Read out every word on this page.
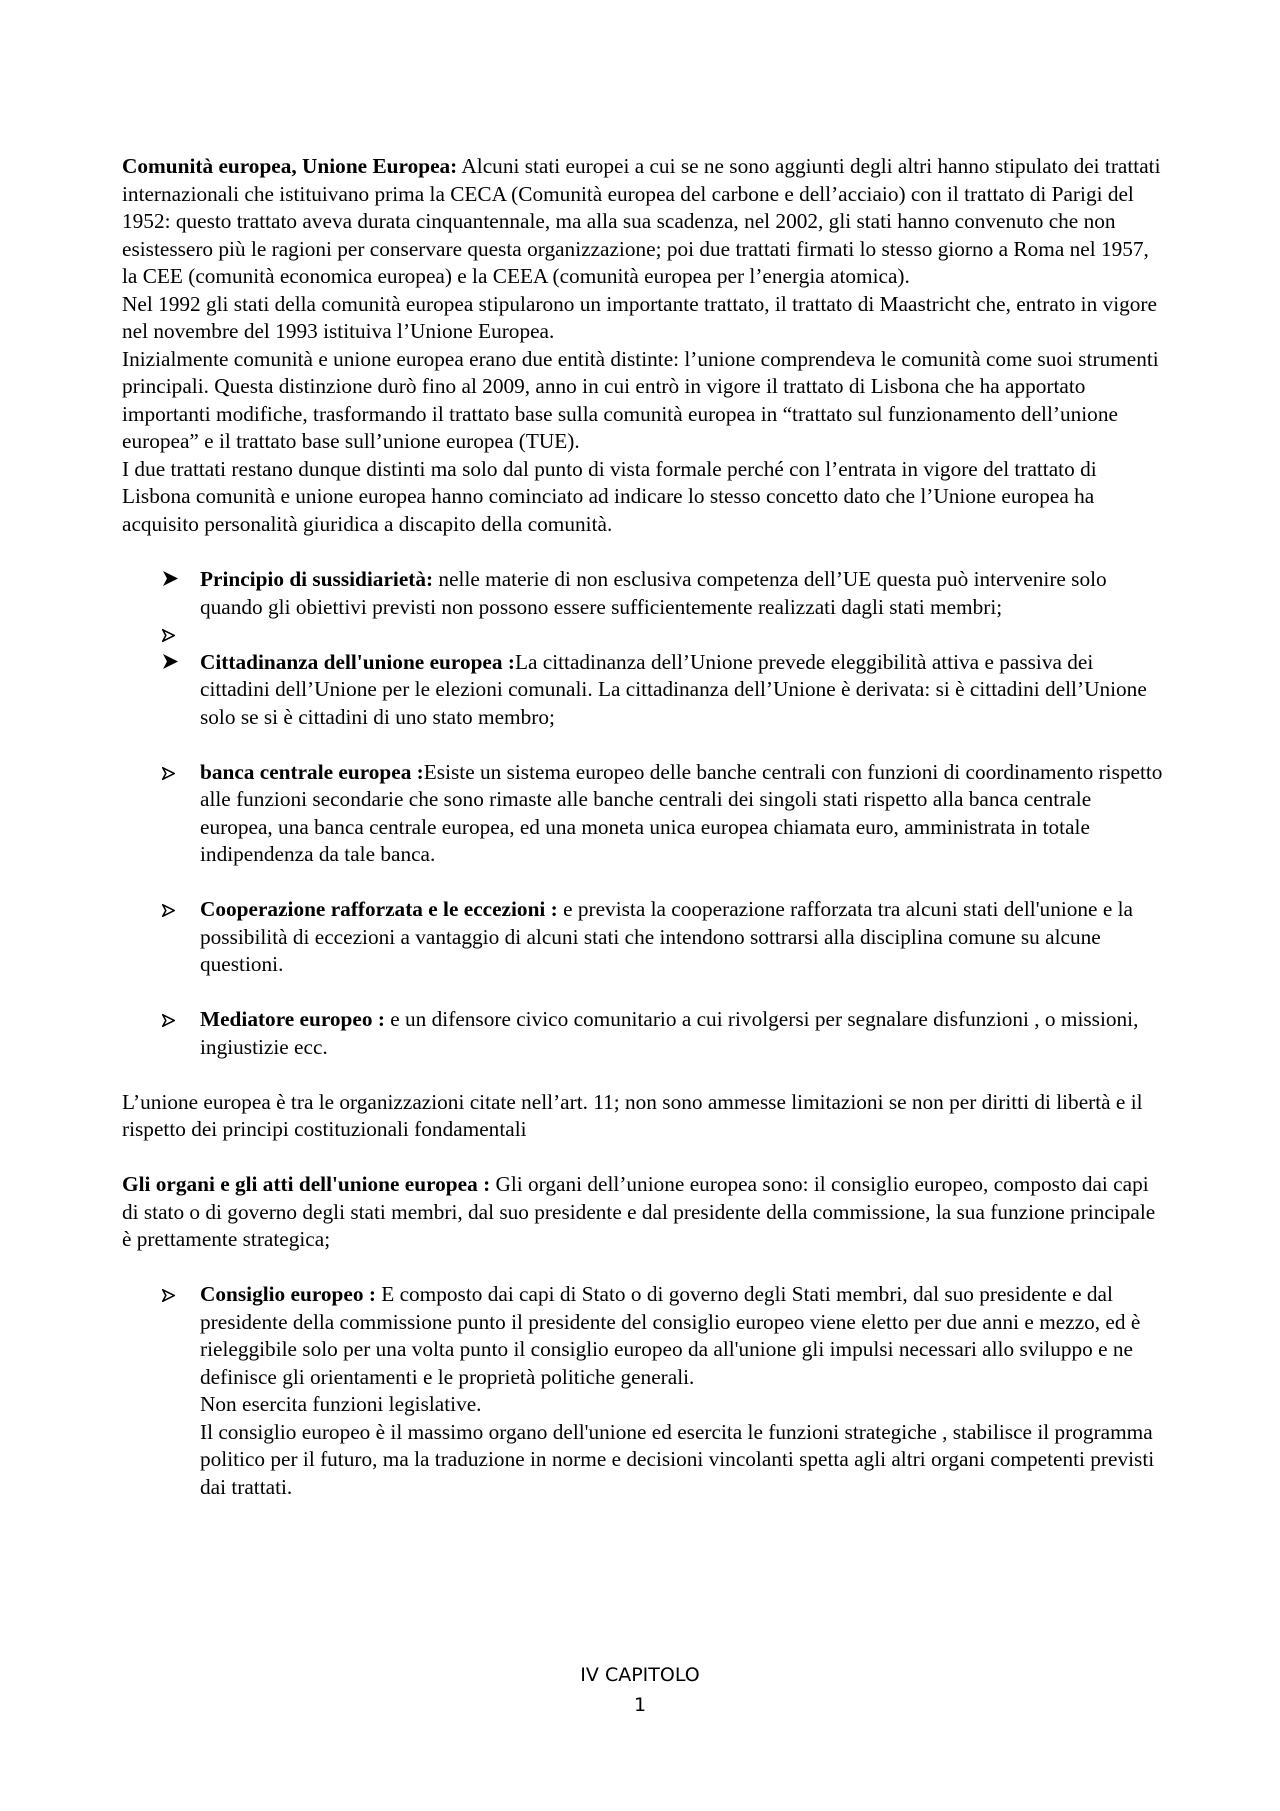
Comunità europea, Unione Europea: Alcuni stati europei a cui se ne sono aggiunti degli altri hanno stipulato dei trattati internazionali che istituivano prima la CECA (Comunità europea del carbone e dell’acciaio) con il trattato di Parigi del 1952: questo trattato aveva durata cinquantennale, ma alla sua scadenza, nel 2002, gli stati hanno convenuto che non esistessero più le ragioni per conservare questa organizzazione; poi due trattati firmati lo stesso giorno a Roma nel 1957, la CEE (comunità economica europea) e la CEEA (comunità europea per l’energia atomica).

Nel 1992 gli stati della comunità europea stipularono un importante trattato, il trattato di Maastricht che, entrato in vigore nel novembre del 1993 istituiva l’Unione Europea.

Inizialmente comunità e unione europea erano due entità distinte: l’unione comprendeva le comunità come suoi strumenti principali. Questa distinzione durò fino al 2009, anno in cui entrò in vigore il trattato di Lisbona che ha apportato importanti modifiche, trasformando il trattato base sulla comunità europea in “trattato sul funzionamento dell’unione europea” e il trattato base sull’unione europea (TUE).

I due trattati restano dunque distinti ma solo dal punto di vista formale perché con l’entrata in vigore del trattato di Lisbona comunità e unione europea hanno cominciato ad indicare lo stesso concetto dato che l’Unione europea ha acquisito personalità giuridica a discapito della comunità.

Principio di sussidiarietà: nelle materie di non esclusiva competenza dell’UE questa può intervenire solo quando gli obiettivi previsti non possono essere sufficientemente realizzati dagli stati membri;
Cittadinanza dell'unione europea :La cittadinanza dell’Unione prevede eleggibilità attiva e passiva dei cittadini dell’Unione per le elezioni comunali. La cittadinanza dell’Unione è derivata: si è cittadini dell’Unione solo se si è cittadini di uno stato membro;
banca centrale europea :Esiste un sistema europeo delle banche centrali con funzioni di coordinamento rispetto alle funzioni secondarie che sono rimaste alle banche centrali dei singoli stati rispetto alla banca centrale europea, una banca centrale europea, ed una moneta unica europea chiamata euro, amministrata in totale indipendenza da tale banca.
Cooperazione rafforzata e le eccezioni : e prevista la cooperazione rafforzata tra alcuni stati dell'unione e la possibilità di eccezioni a vantaggio di alcuni stati che intendono sottrarsi alla disciplina comune su alcune questioni.
Mediatore europeo : e un difensore civico comunitario a cui rivolgersi per segnalare disfunzioni , o missioni, ingiustizie ecc.

L’unione europea è tra le organizzazioni citate nell’art. 11; non sono ammesse limitazioni se non per diritti di libertà e il rispetto dei principi costituzionali fondamentali

Gli organi e gli atti dell'unione europea : Gli organi dell’unione europea sono: il consiglio europeo, composto dai capi di stato o di governo degli stati membri, dal suo presidente e dal presidente della commissione, la sua funzione principale è prettamente strategica;

Consiglio europeo : E composto dai capi di Stato o di governo degli Stati membri, dal suo presidente e dal presidente della commissione punto il presidente del consiglio europeo viene eletto per due anni e mezzo, ed è rieleggibile solo per una volta punto il consiglio europeo da all'unione gli impulsi necessari allo sviluppo e ne definisce gli orientamenti e le proprietà politiche generali.

Non esercita funzioni legislative.

Il consiglio europeo è il massimo organo dell'unione ed esercita le funzioni strategiche , stabilisce il programma politico per il futuro, ma la traduzione in norme e decisioni vincolanti spetta agli altri organi competenti previsti dai trattati.

IV CAPITOLO
1
